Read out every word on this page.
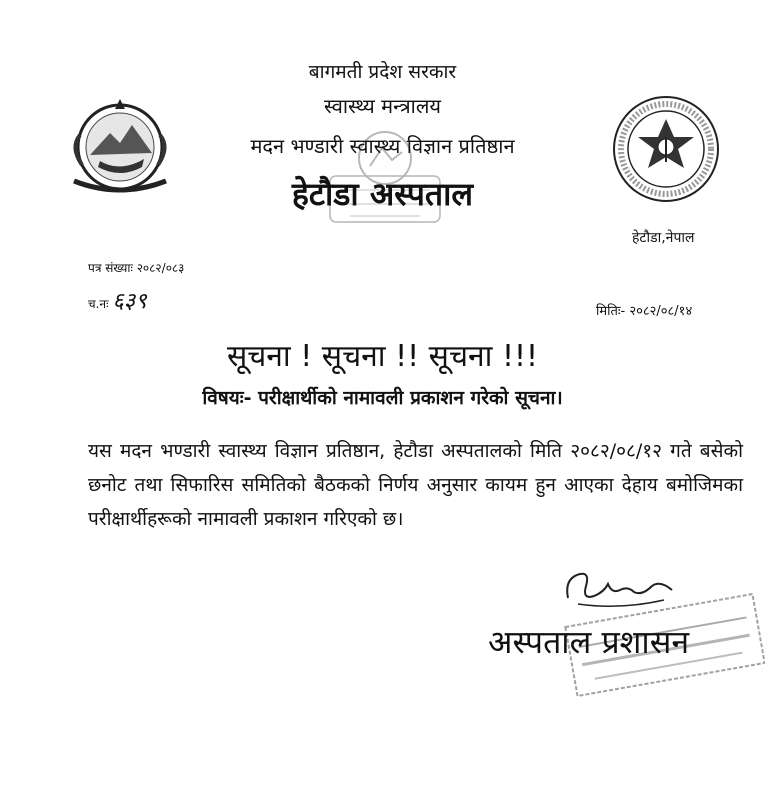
बागमती प्रदेश सरकार
स्वास्थ्य मन्त्रालय
मदन भण्डारी स्वास्थ्य विज्ञान प्रतिष्ठान
हेटौडा अस्पताल
हेटौडा,नेपाल
पत्र संख्याः २०८२/०८३
च.नः ६३९	मितिः- २०८२/०८/१४
सूचना ! सूचना !! सूचना !!!
विषयः- परीक्षार्थीको नामावली प्रकाशन गरेको सूचना।
यस मदन भण्डारी स्वास्थ्य विज्ञान प्रतिष्ठान, हेटौडा अस्पतालको मिति २०८२/०८/१२ गते बसेको छनोट तथा सिफारिस समितिको बैठकको निर्णय अनुसार कायम हुन आएका देहाय बमोजिमका परीक्षार्थीहरूको नामावली प्रकाशन गरिएको छ।
अस्पताल प्रशासन
